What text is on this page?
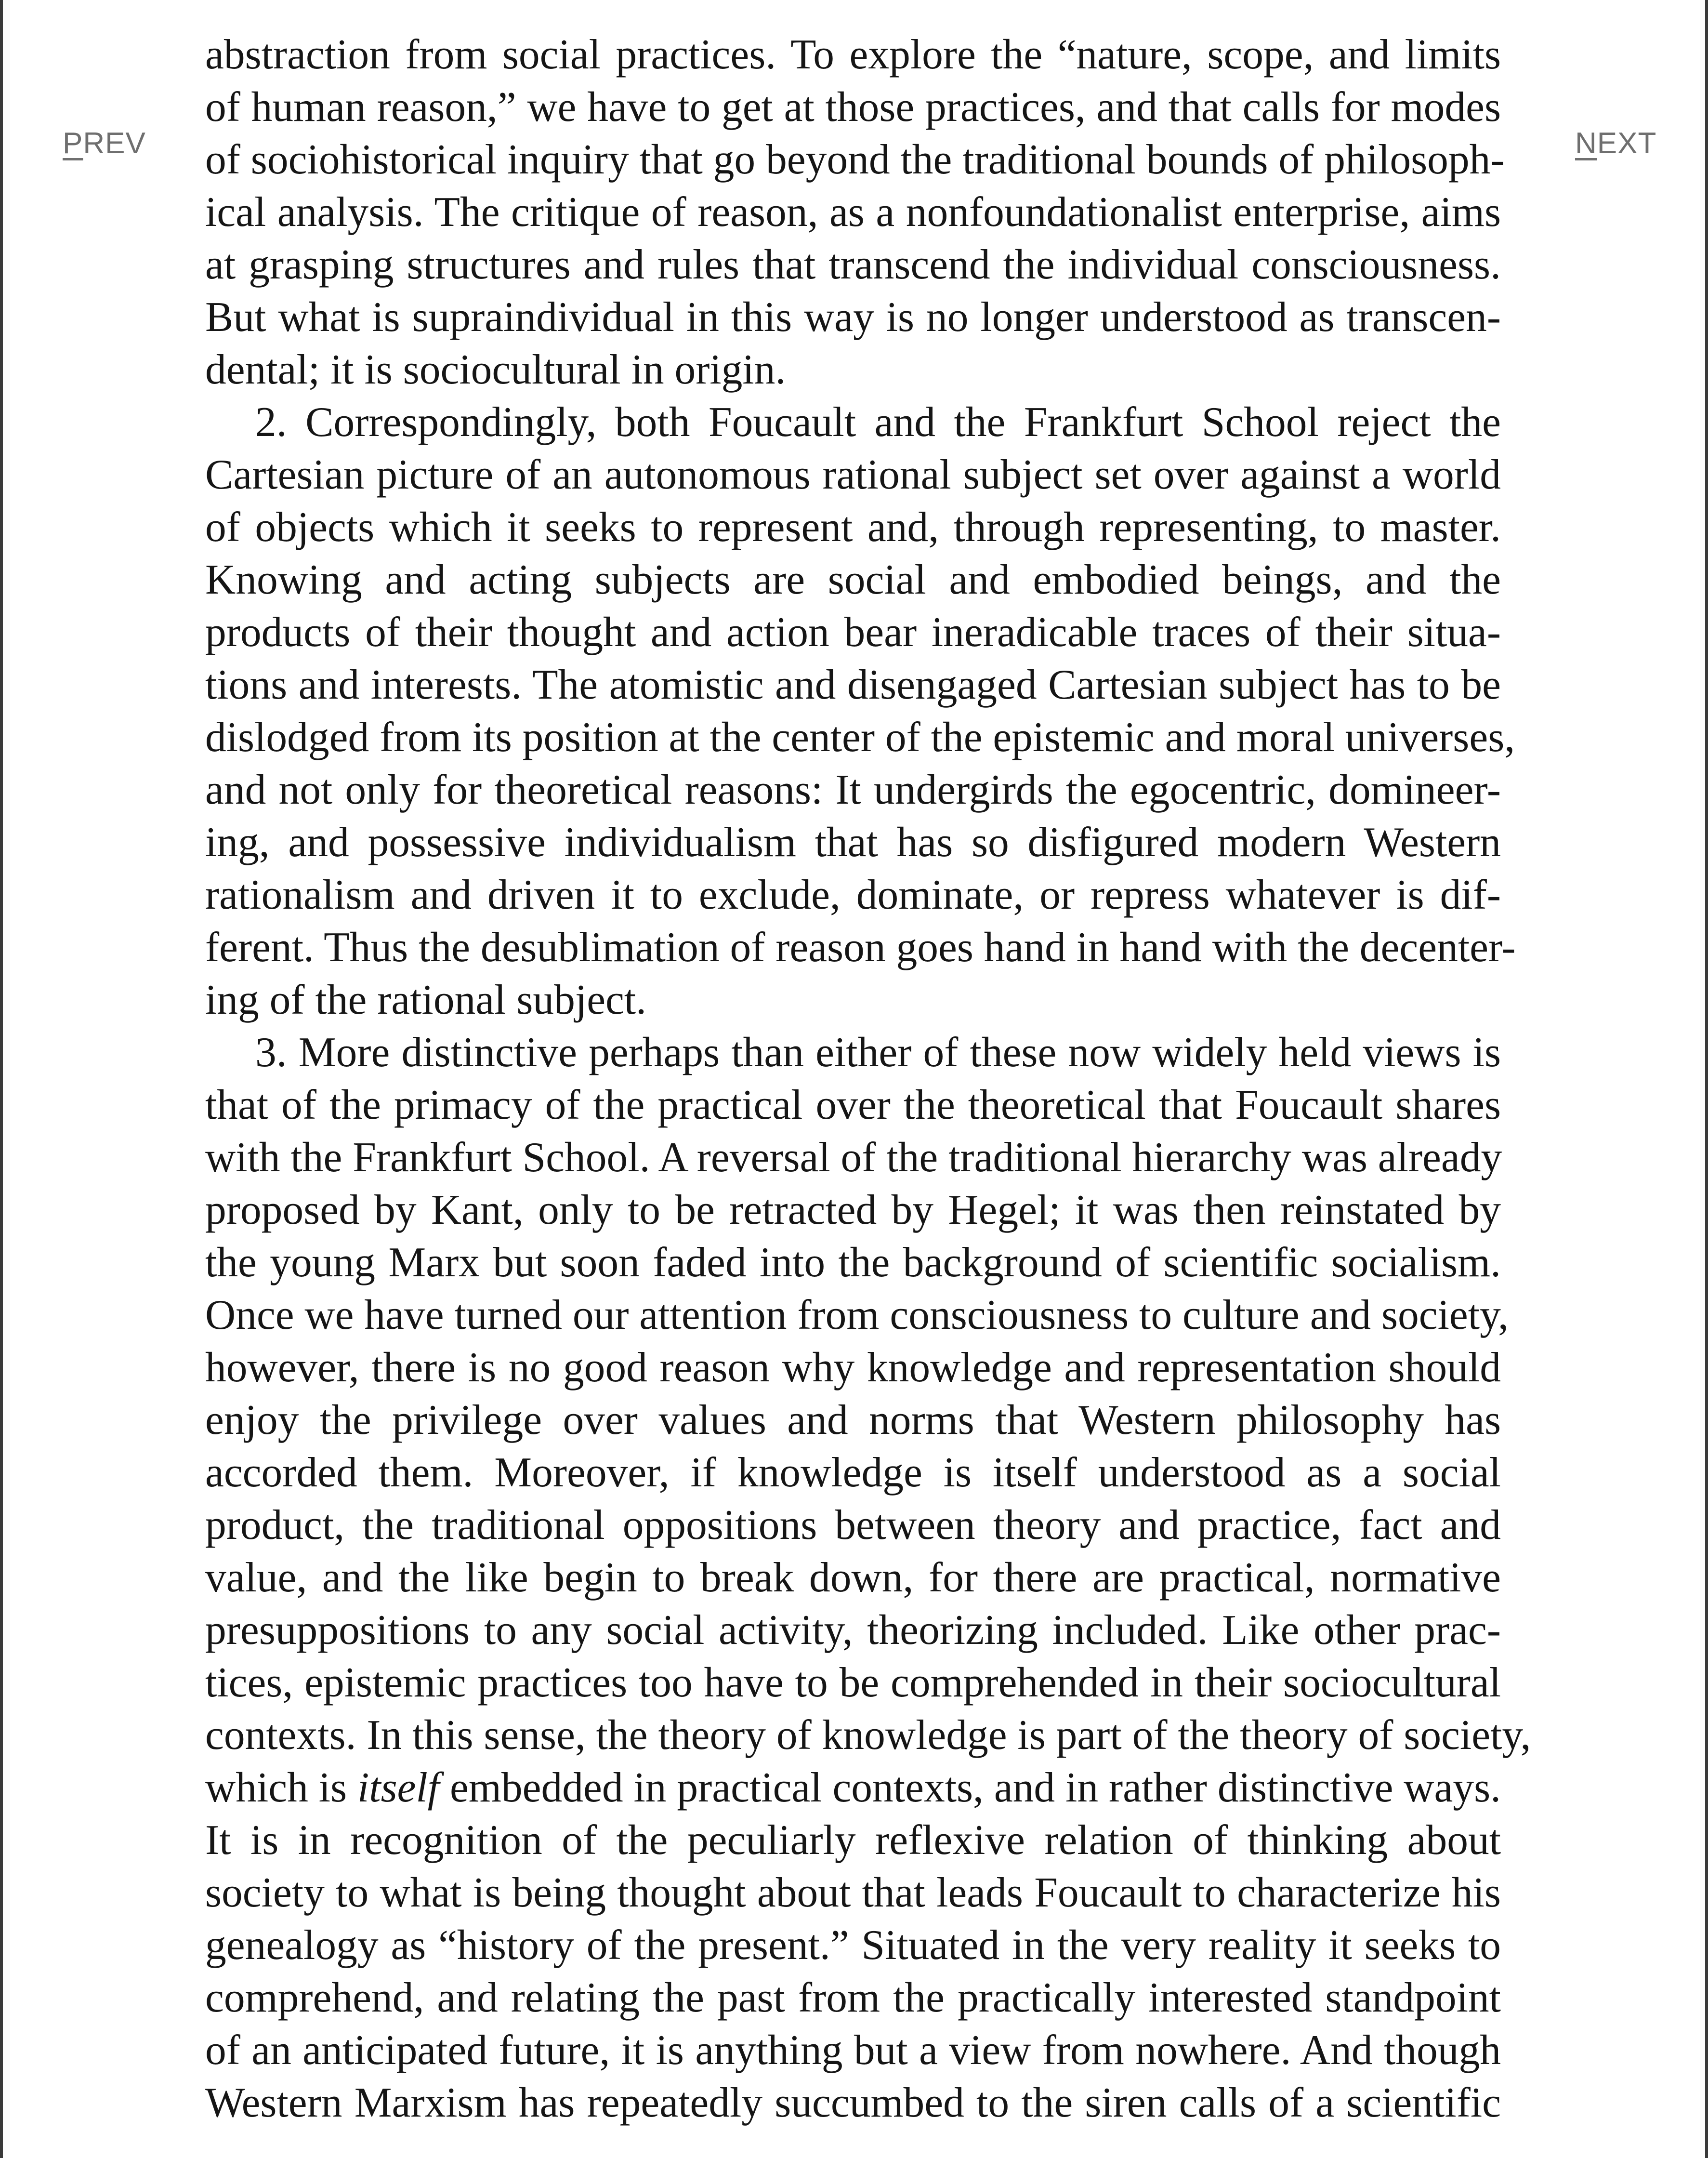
PREV	NEXT

abstraction from social practices. To explore the “nature, scope, and limits
of human reason,” we have to get at those practices, and that calls for modes
of sociohistorical inquiry that go beyond the traditional bounds of philosoph-
ical analysis. The critique of reason, as a nonfoundationalist enterprise, aims
at grasping structures and rules that transcend the individual consciousness.
But what is supraindividual in this way is no longer understood as transcen-
dental; it is sociocultural in origin.

2. Correspondingly, both Foucault and the Frankfurt School reject the
Cartesian picture of an autonomous rational subject set over against a world
of objects which it seeks to represent and, through representing, to master.
Knowing and acting subjects are social and embodied beings, and the
products of their thought and action bear ineradicable traces of their situa-
tions and interests. The atomistic and disengaged Cartesian subject has to be
dislodged from its position at the center of the epistemic and moral universes,
and not only for theoretical reasons: It undergirds the egocentric, domineer-
ing, and possessive individualism that has so disfigured modern Western
rationalism and driven it to exclude, dominate, or repress whatever is dif-
ferent. Thus the desublimation of reason goes hand in hand with the decenter-
ing of the rational subject.

3. More distinctive perhaps than either of these now widely held views is
that of the primacy of the practical over the theoretical that Foucault shares
with the Frankfurt School. A reversal of the traditional hierarchy was already
proposed by Kant, only to be retracted by Hegel; it was then reinstated by
the young Marx but soon faded into the background of scientific socialism.
Once we have turned our attention from consciousness to culture and society,
however, there is no good reason why knowledge and representation should
enjoy the privilege over values and norms that Western philosophy has
accorded them. Moreover, if knowledge is itself understood as a social
product, the traditional oppositions between theory and practice, fact and
value, and the like begin to break down, for there are practical, normative
presuppositions to any social activity, theorizing included. Like other prac-
tices, epistemic practices too have to be comprehended in their sociocultural
contexts. In this sense, the theory of knowledge is part of the theory of society,
which is itself embedded in practical contexts, and in rather distinctive ways.
It is in recognition of the peculiarly reflexive relation of thinking about
society to what is being thought about that leads Foucault to characterize his
genealogy as “history of the present.” Situated in the very reality it seeks to
comprehend, and relating the past from the practically interested standpoint
of an anticipated future, it is anything but a view from nowhere. And though
Western Marxism has repeatedly succumbed to the siren calls of a scientific
